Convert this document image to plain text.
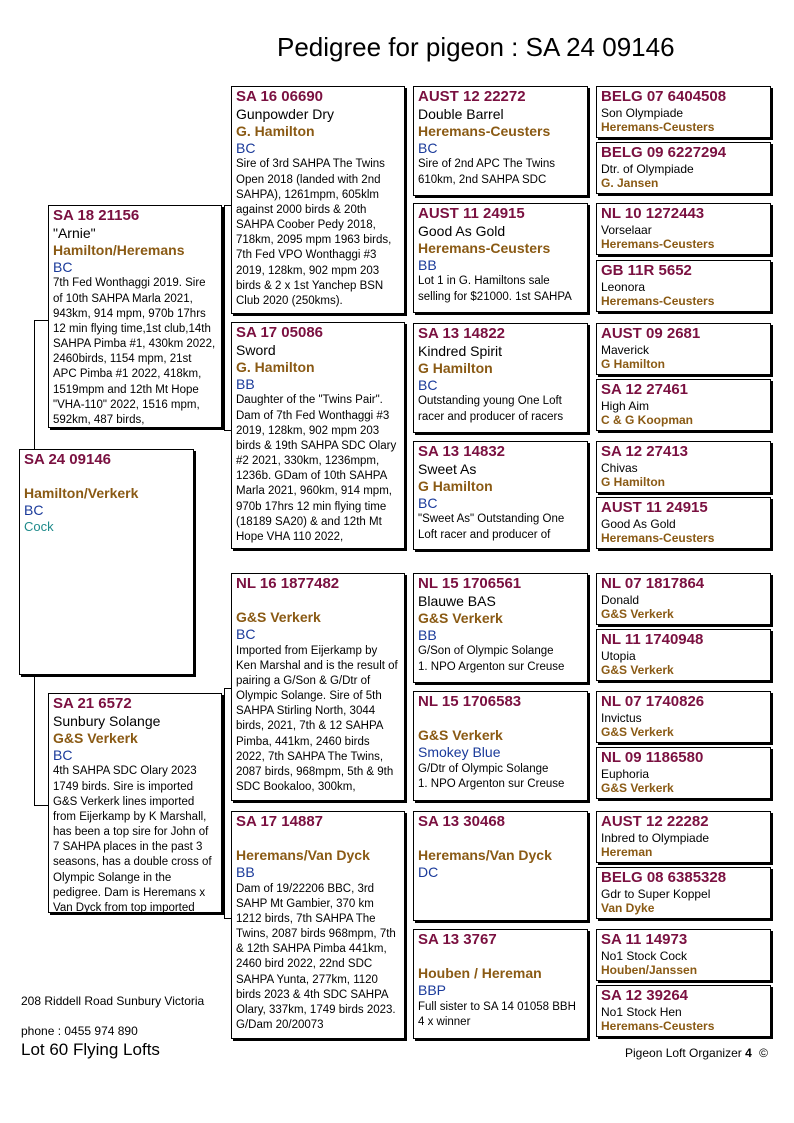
Pedigree for pigeon : SA 24 09146
SA 24 09146
Hamilton/Verkerk
BC
Cock
SA 18 21156
"Arnie"
Hamilton/Heremans
BC
7th Fed Wonthaggi 2019. Sire of 10th SAHPA Marla 2021, 943km, 914 mpm, 970b 17hrs 12 min flying time,1st club,14th SAHPA Pimba #1, 430km 2022, 2460birds, 1154 mpm, 21st APC Pimba #1 2022, 418km, 1519mpm and 12th Mt Hope "VHA-110" 2022, 1516 mpm, 592km, 487 birds,
SA 21 6572
Sunbury Solange
G&S Verkerk
BC
4th SAHPA SDC Olary 2023 1749 birds. Sire is imported G&S Verkerk lines imported from Eijerkamp by K Marshall, has been a top sire for John of 7 SAHPA places in the past 3 seasons, has a double cross of Olympic Solange in the pedigree. Dam is Heremans x Van Dyck from top imported
SA 16 06690
Gunpowder Dry
G. Hamilton
BC
Sire of 3rd SAHPA The Twins Open 2018 (landed with 2nd SAHPA), 1261mpm, 605klm against 2000 birds & 20th SAHPA Coober Pedy 2018, 718km, 2095 mpm 1963 birds, 7th Fed VPO Wonthaggi #3 2019, 128km, 902 mpm 203 birds & 2 x 1st Yanchep BSN Club 2020 (250kms).
SA 17 05086
Sword
G. Hamilton
BB
Daughter of the "Twins Pair". Dam of 7th Fed Wonthaggi #3 2019, 128km, 902 mpm 203 birds & 19th SAHPA SDC Olary #2 2021, 330km, 1236mpm, 1236b. GDam of 10th SAHPA Marla 2021, 960km, 914 mpm, 970b 17hrs 12 min flying time (18189 SA20) & and 12th Mt Hope VHA 110 2022,
NL 16 1877482
G&S Verkerk
BC
Imported from Eijerkamp by Ken Marshal and is the result of pairing a G/Son & G/Dtr of Olympic Solange. Sire of 5th SAHPA Stirling North, 3044 birds, 2021, 7th & 12 SAHPA Pimba, 441km, 2460 birds 2022, 7th SAHPA The Twins, 2087 birds, 968mpm, 5th & 9th SDC Bookaloo, 300km,
SA 17 14887
Heremans/Van Dyck
BB
Dam of 19/22206 BBC, 3rd SAHP Mt Gambier, 370 km 1212 birds, 7th SAHPA The Twins, 2087 birds 968mpm, 7th & 12th SAHPA Pimba 441km, 2460 bird 2022, 22nd SDC SAHPA Yunta, 277km, 1120 birds 2023 & 4th SDC SAHPA Olary, 337km, 1749 birds 2023. G/Dam 20/20073
AUST 12 22272
Double Barrel
Heremans-Ceusters
BC
Sire of 2nd APC The Twins 610km, 2nd SAHPA SDC
AUST 11 24915
Good As Gold
Heremans-Ceusters
BB
Lot 1 in G. Hamiltons sale selling for $21000. 1st SAHPA
SA 13 14822
Kindred Spirit
G Hamilton
BC
Outstanding young One Loft racer and producer of racers
SA 13 14832
Sweet As
G Hamilton
BC
"Sweet As" Outstanding One Loft racer and producer of
NL 15 1706561
Blauwe BAS
G&S Verkerk
BB
G/Son of Olympic Solange
1. NPO Argenton sur Creuse
NL 15 1706583
G&S Verkerk
Smokey Blue
G/Dtr of Olympic Solange
1. NPO Argenton sur Creuse
SA 13 30468
Heremans/Van Dyck
DC
SA 13 3767
Houben / Hereman
BBP
Full sister to SA 14 01058 BBH 4 x winner
BELG 07 6404508
Son Olympiade
Heremans-Ceusters
BELG 09 6227294
Dtr. of Olympiade
G. Jansen
NL 10 1272443
Vorselaar
Heremans-Ceusters
GB 11R 5652
Leonora
Heremans-Ceusters
AUST 09 2681
Maverick
G Hamilton
SA 12 27461
High Aim
C & G Koopman
SA 12 27413
Chivas
G Hamilton
AUST 11 24915
Good As Gold
Heremans-Ceusters
NL 07 1817864
Donald
G&S Verkerk
NL 11 1740948
Utopia
G&S Verkerk
NL 07 1740826
Invictus
G&S Verkerk
NL 09 1186580
Euphoria
G&S Verkerk
AUST 12 22282
Inbred to Olympiade
Hereman
BELG 08 6385328
Gdr to Super Koppel
Van Dyke
SA 11 14973
No1 Stock Cock
Houben/Janssen
SA 12 39264
No1 Stock Hen
Heremans-Ceusters
208 Riddell Road Sunbury Victoria
phone : 0455 974 890
Lot 60 Flying Lofts	Pigeon Loft Organizer 4 ©
